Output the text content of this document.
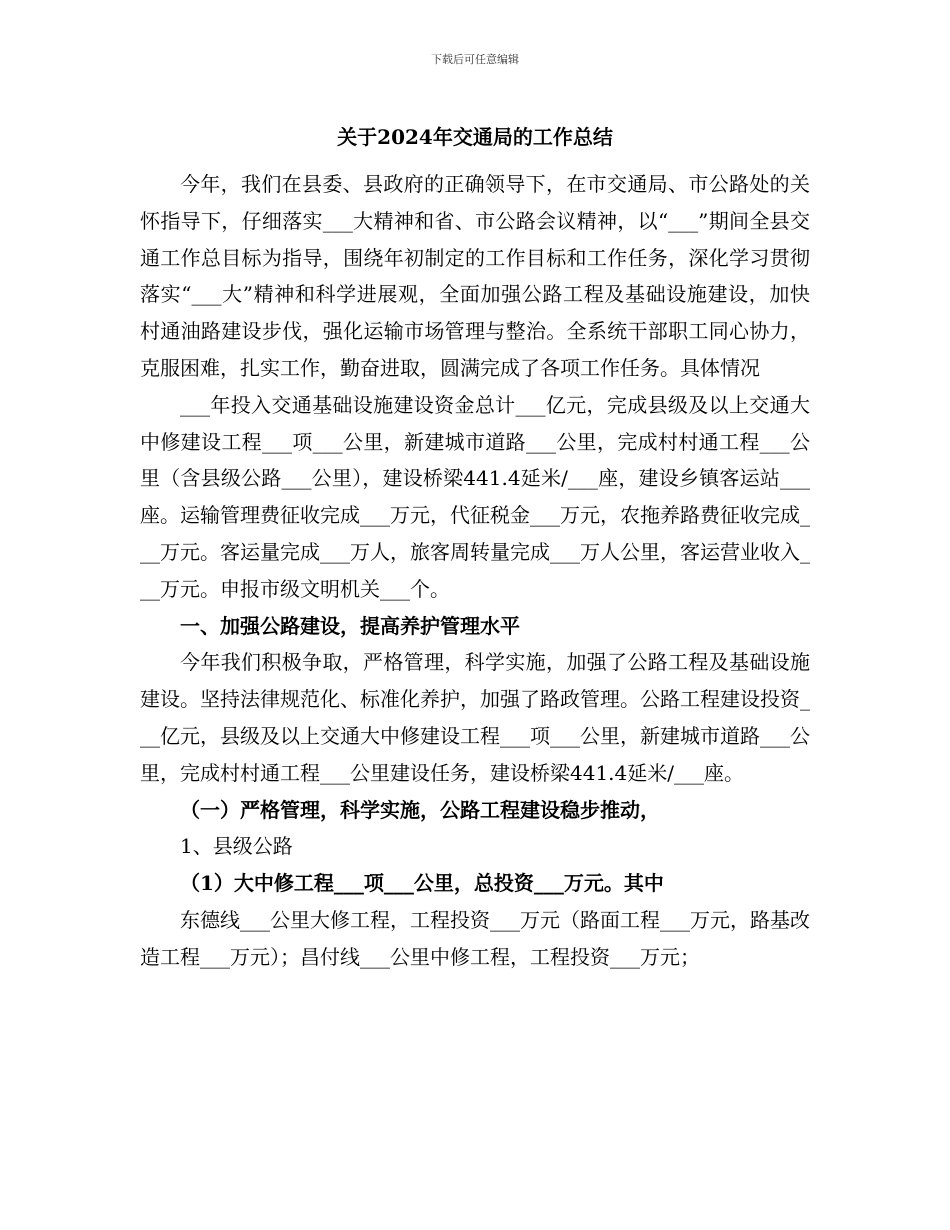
下载后可任意编辑
关于2024年交通局的工作总结

今年，我们在县委、县政府的正确领导下，在市交通局、市公路处的关怀指导下，仔细落实___大精神和省、市公路会议精神，以“___”期间全县交通工作总目标为指导，围绕年初制定的工作目标和工作任务，深化学习贯彻落实“___大”精神和科学进展观，全面加强公路工程及基础设施建设，加快村通油路建设步伐，强化运输市场管理与整治。全系统干部职工同心协力，克服困难，扎实工作，勤奋进取，圆满完成了各项工作任务。具体情况

___年投入交通基础设施建设资金总计___亿元，完成县级及以上交通大中修建设工程___项___公里，新建城市道路___公里，完成村村通工程___公里（含县级公路___公里），建设桥梁441.4延米/___座，建设乡镇客运站___座。运输管理费征收完成___万元，代征税金___万元，农拖养路费征收完成___万元。客运量完成___万人，旅客周转量完成___万人公里，客运营业收入___万元。申报市级文明机关___个。

一、加强公路建设，提高养护管理水平

今年我们积极争取，严格管理，科学实施，加强了公路工程及基础设施建设。坚持法律规范化、标准化养护，加强了路政管理。公路工程建设投资___亿元，县级及以上交通大中修建设工程___项___公里，新建城市道路___公里，完成村村通工程___公里建设任务，建设桥梁441.4延米/___座。

（一）严格管理，科学实施，公路工程建设稳步推动，

1、县级公路

（1）大中修工程___项___公里，总投资___万元。其中

东德线___公里大修工程，工程投资___万元（路面工程___万元，路基改造工程___万元）；昌付线___公里中修工程，工程投资___万元；
